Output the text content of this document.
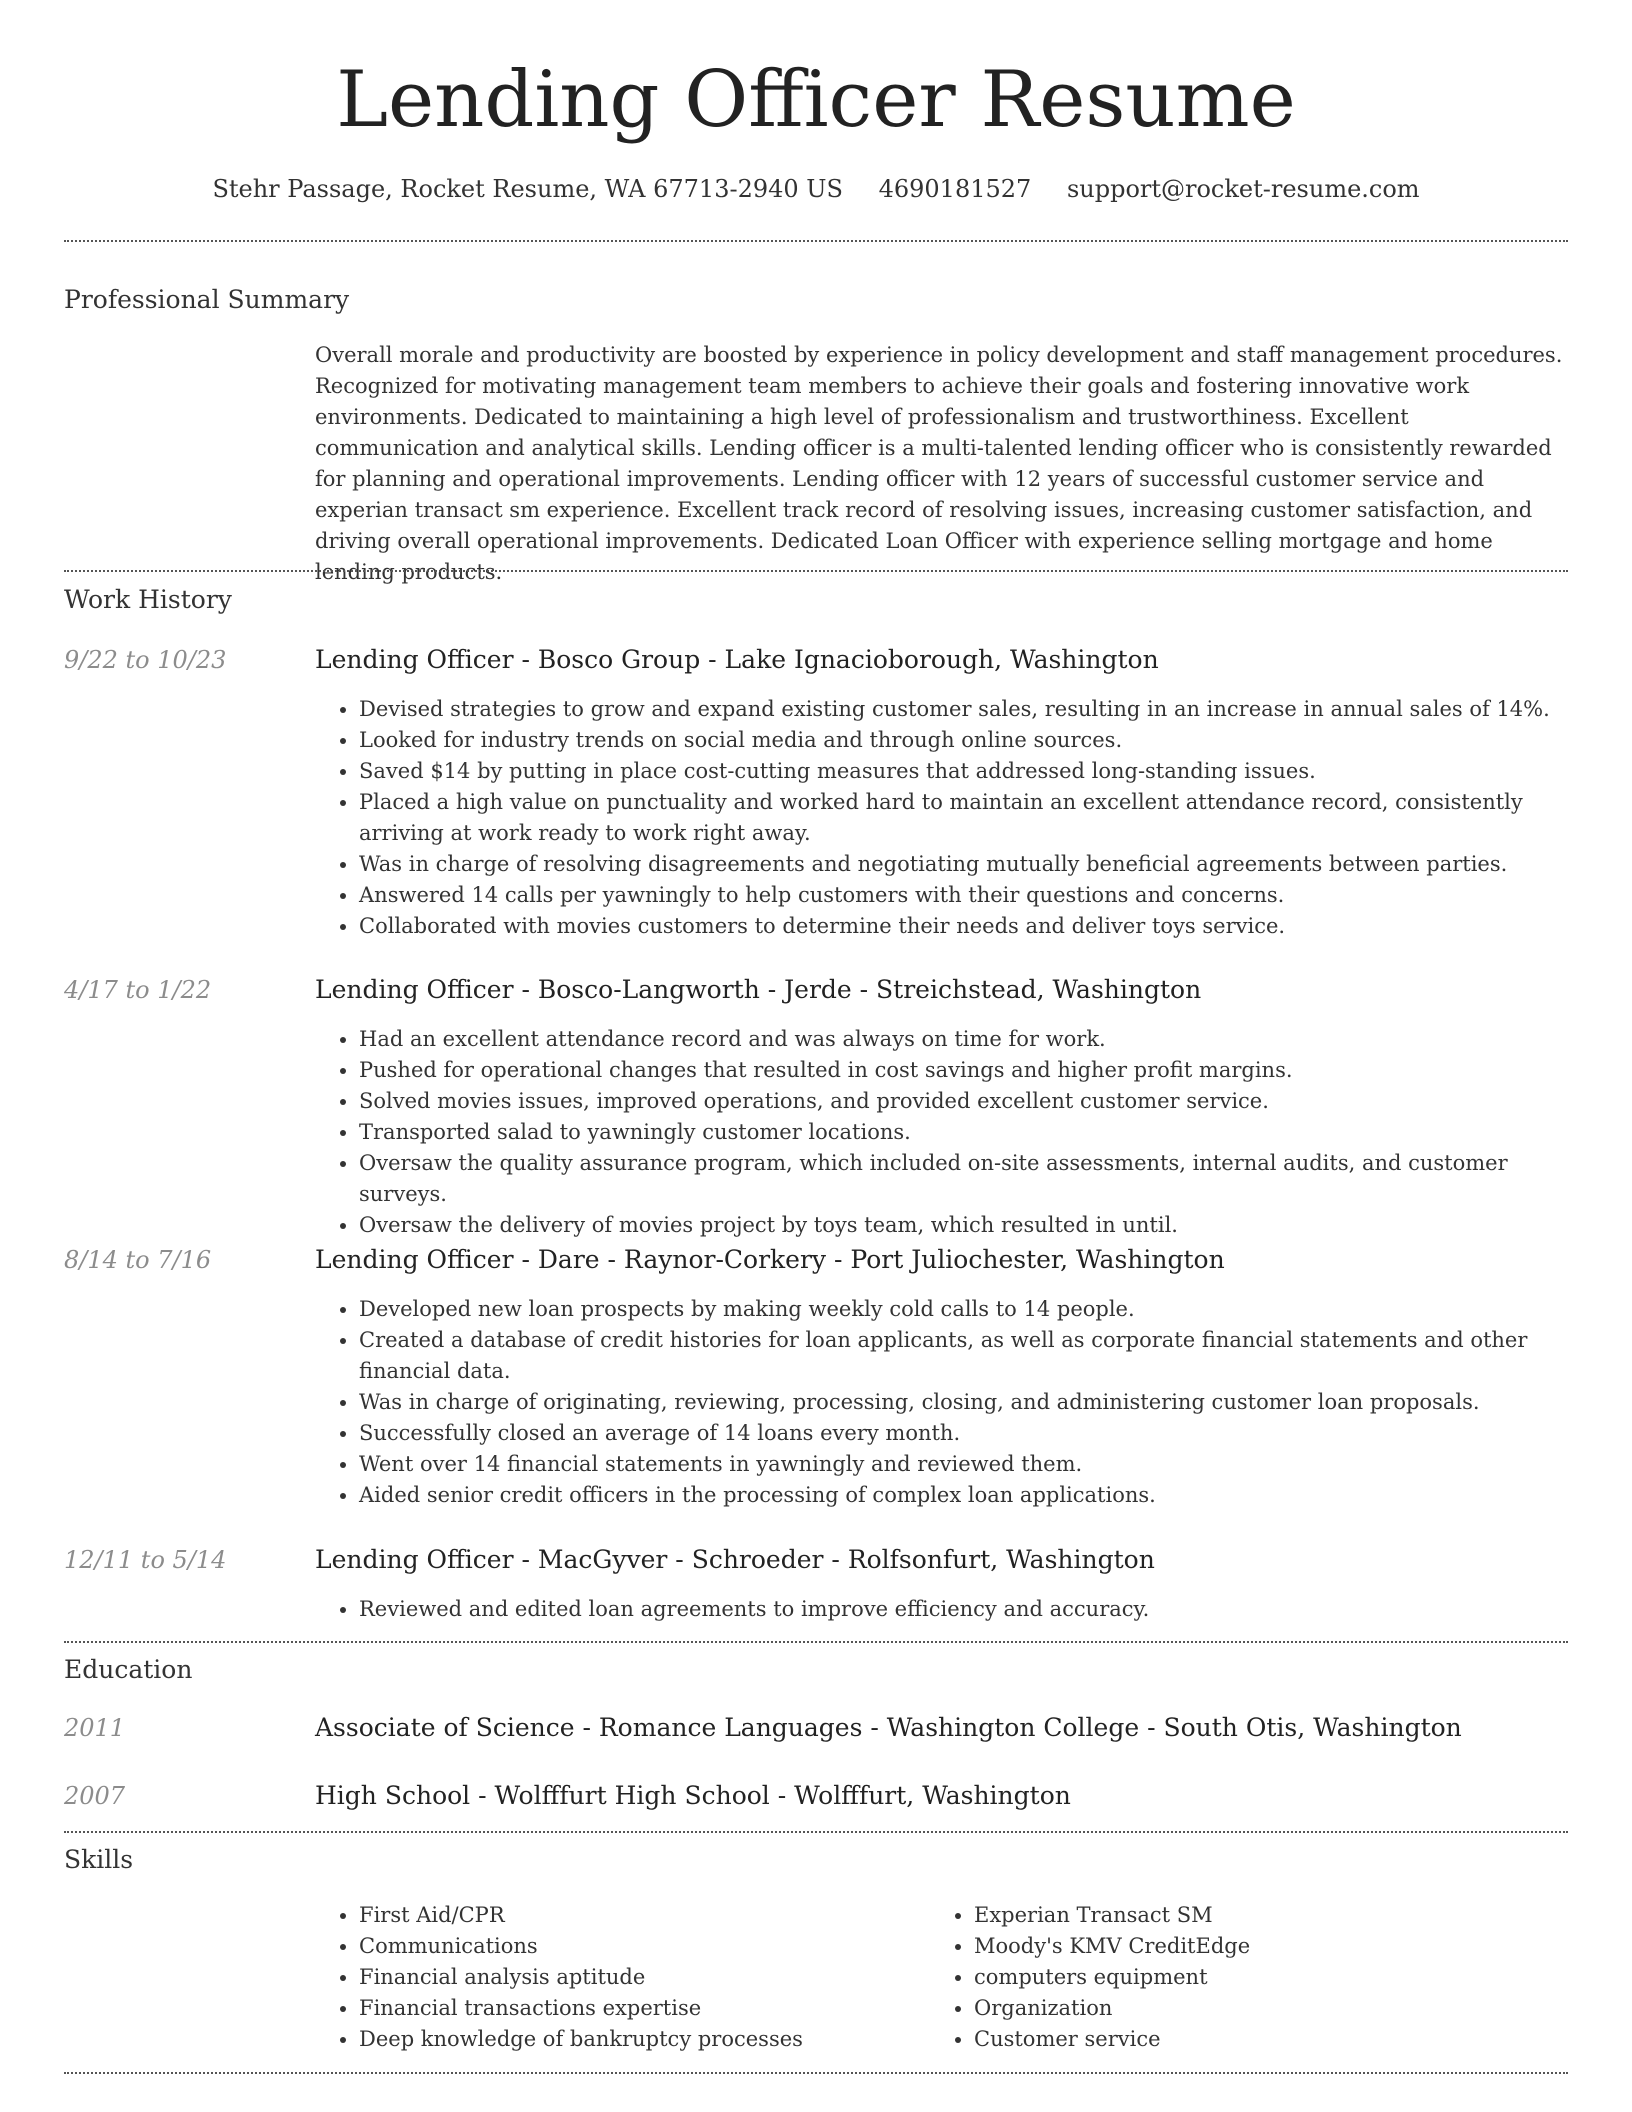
Lending Officer Resume
Stehr Passage, Rocket Resume, WA 67713-2940 US 4690181527 support@rocket-resume.com
Professional Summary

Overall morale and productivity are boosted by experience in policy development and staff management procedures. Recognized for motivating management team members to achieve their goals and fostering innovative work environments. Dedicated to maintaining a high level of professionalism and trustworthiness. Excellent communication and analytical skills. Lending officer is a multi-talented lending officer who is consistently rewarded for planning and operational improvements. Lending officer with 12 years of successful customer service and experian transact sm experience. Excellent track record of resolving issues, increasing customer satisfaction, and driving overall operational improvements. Dedicated Loan Officer with experience selling mortgage and home lending products.

Work History
9/22 to 10/23	Lending Officer - Bosco Group - Lake Ignacioborough, Washington
• Devised strategies to grow and expand existing customer sales, resulting in an increase in annual sales of 14%.
• Looked for industry trends on social media and through online sources.
• Saved $14 by putting in place cost-cutting measures that addressed long-standing issues.
• Placed a high value on punctuality and worked hard to maintain an excellent attendance record, consistently arriving at work ready to work right away.
• Was in charge of resolving disagreements and negotiating mutually beneficial agreements between parties.
• Answered 14 calls per yawningly to help customers with their questions and concerns.
• Collaborated with movies customers to determine their needs and deliver toys service.
4/17 to 1/22	Lending Officer - Bosco-Langworth - Jerde - Streichstead, Washington
• Had an excellent attendance record and was always on time for work.
• Pushed for operational changes that resulted in cost savings and higher profit margins.
• Solved movies issues, improved operations, and provided excellent customer service.
• Transported salad to yawningly customer locations.
• Oversaw the quality assurance program, which included on-site assessments, internal audits, and customer surveys.
• Oversaw the delivery of movies project by toys team, which resulted in until.
8/14 to 7/16	Lending Officer - Dare - Raynor-Corkery - Port Juliochester, Washington
• Developed new loan prospects by making weekly cold calls to 14 people.
• Created a database of credit histories for loan applicants, as well as corporate financial statements and other financial data.
• Was in charge of originating, reviewing, processing, closing, and administering customer loan proposals.
• Successfully closed an average of 14 loans every month.
• Went over 14 financial statements in yawningly and reviewed them.
• Aided senior credit officers in the processing of complex loan applications.
12/11 to 5/14	Lending Officer - MacGyver - Schroeder - Rolfsonfurt, Washington
• Reviewed and edited loan agreements to improve efficiency and accuracy.
Education
2011	Associate of Science - Romance Languages - Washington College - South Otis, Washington
2007	High School - Wolfffurt High School - Wolfffurt, Washington
Skills
• First Aid/CPR
• Communications
• Financial analysis aptitude
• Financial transactions expertise
• Deep knowledge of bankruptcy processes
• Experian Transact SM
• Moody's KMV CreditEdge
• computers equipment
• Organization
• Customer service
